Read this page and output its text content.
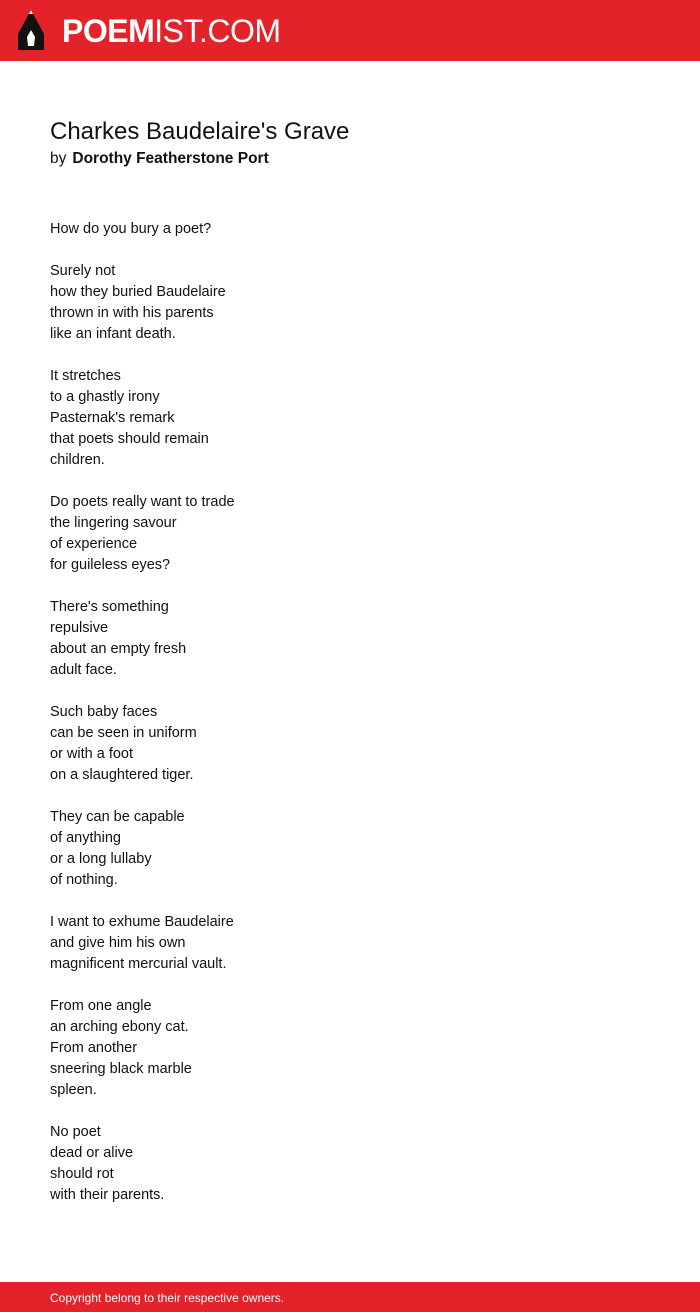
POEMIST.COM
Charkes Baudelaire's Grave
by Dorothy Featherstone Port
How do you bury a poet?
Surely not
how they buried Baudelaire
thrown in with his parents
like an infant death.
It stretches
to a ghastly irony
Pasternak's remark
that poets should remain
children.
Do poets really want to trade
the lingering savour
of experience
for guileless eyes?
There's something
repulsive
about an empty fresh
adult face.
Such baby faces
can be seen in uniform
or with a foot
on a slaughtered tiger.
They can be capable
of anything
or a long lullaby
of nothing.
I want to exhume Baudelaire
and give him his own
magnificent mercurial vault.
From one angle
an arching ebony cat.
From another
sneering black marble
spleen.
No poet
dead or alive
should rot
with their parents.
Copyright belong to their respective owners.
